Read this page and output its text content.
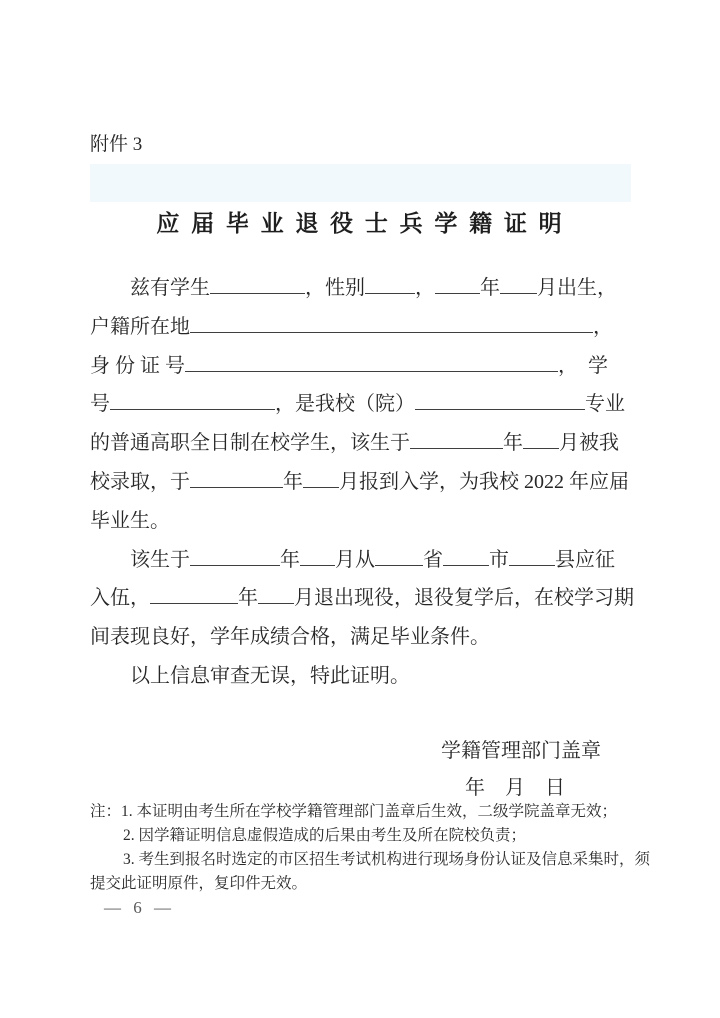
附件 3
应 届 毕 业 退 役 士 兵 学 籍 证 明
兹有学生	，性别	， 年 月出生，
户籍所在地	，
身 份 证 号	，　学
号	，是我校（院）	专业
的普通高职全日制在校学生，该生于	年 月被我
校录取，于	年 月报到入学，为我校 2022 年应届
毕业生。
该生于	年 月从 省 市 县应征
入伍，	年 月退出现役，退役复学后，在校学习期
间表现良好，学年成绩合格，满足毕业条件。
以上信息审查无误，特此证明。
学籍管理部门盖章
年　月　日
注：1. 本证明由考生所在学校学籍管理部门盖章后生效，二级学院盖章无效；
2. 因学籍证明信息虚假造成的后果由考生及所在院校负责；
3. 考生到报名时选定的市区招生考试机构进行现场身份认证及信息采集时，须
提交此证明原件，复印件无效。
— 6 —
